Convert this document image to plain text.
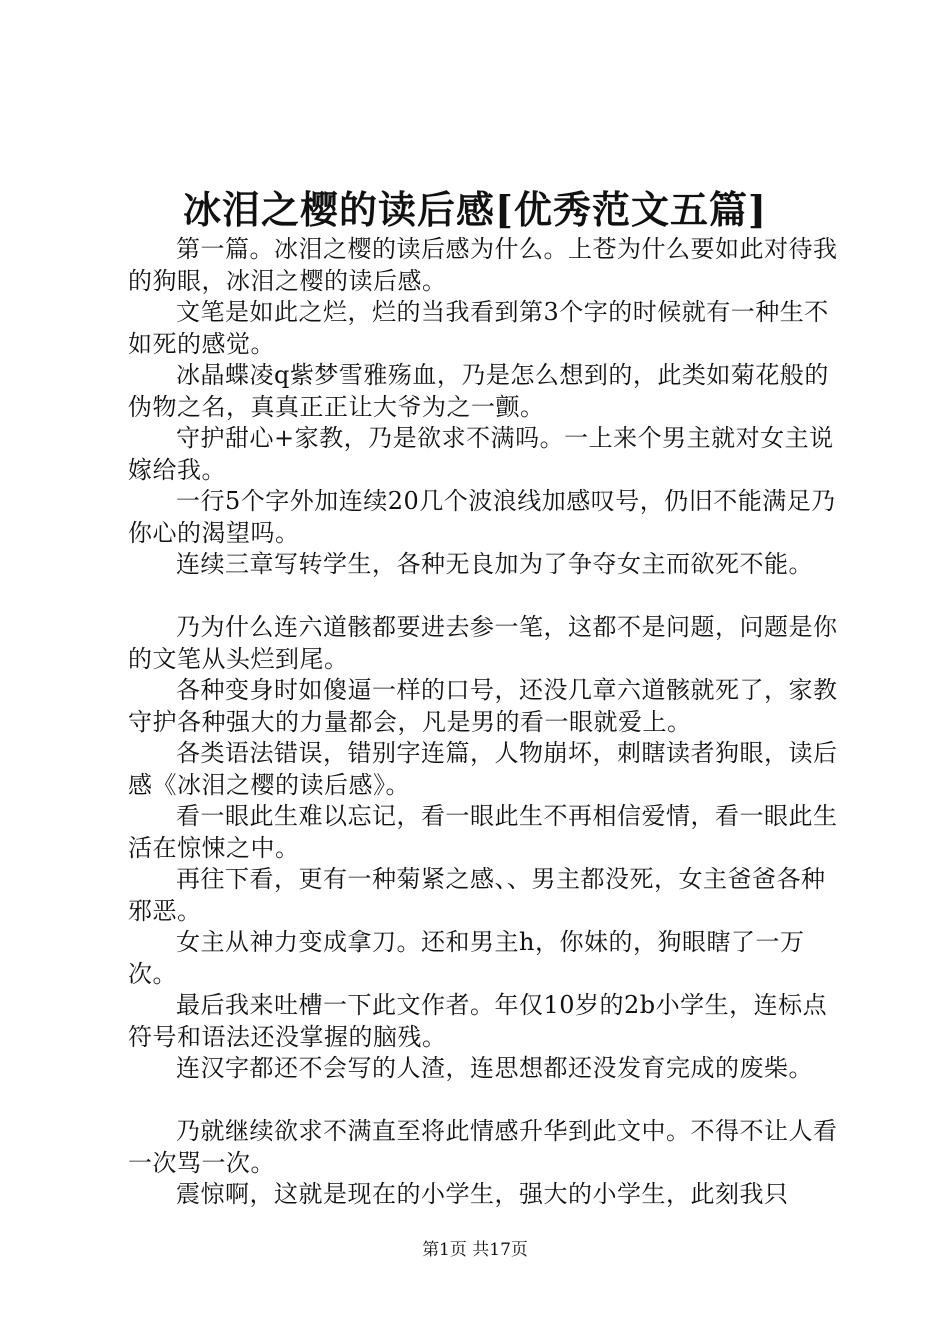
冰泪之樱的读后感[优秀范文五篇]

第一篇。冰泪之樱的读后感为什么。上苍为什么要如此对待我的狗眼，冰泪之樱的读后感。

文笔是如此之烂，烂的当我看到第3个字的时候就有一种生不如死的感觉。

冰晶蝶凌q紫梦雪雅殇血，乃是怎么想到的，此类如菊花般的伪物之名，真真正正让大爷为之一颤。

守护甜心+家教，乃是欲求不满吗。一上来个男主就对女主说嫁给我。

一行5个字外加连续20几个波浪线加感叹号，仍旧不能满足乃你心的渴望吗。

连续三章写转学生，各种无良加为了争夺女主而欲死不能。

乃为什么连六道骸都要进去参一笔，这都不是问题，问题是你的文笔从头烂到尾。

各种变身时如傻逼一样的口号，还没几章六道骸就死了，家教守护各种强大的力量都会，凡是男的看一眼就爱上。

各类语法错误，错别字连篇，人物崩坏，刺瞎读者狗眼，读后感《冰泪之樱的读后感》。

看一眼此生难以忘记，看一眼此生不再相信爱情，看一眼此生活在惊悚之中。

再往下看，更有一种菊紧之感、、男主都没死，女主爸爸各种邪恶。

女主从神力变成拿刀。还和男主h，你妹的，狗眼瞎了一万次。

最后我来吐槽一下此文作者。年仅10岁的2b小学生，连标点符号和语法还没掌握的脑残。

连汉字都还不会写的人渣，连思想都还没发育完成的废柴。

乃就继续欲求不满直至将此情感升华到此文中。不得不让人看一次骂一次。

震惊啊，这就是现在的小学生，强大的小学生，此刻我只

第1页 共17页
